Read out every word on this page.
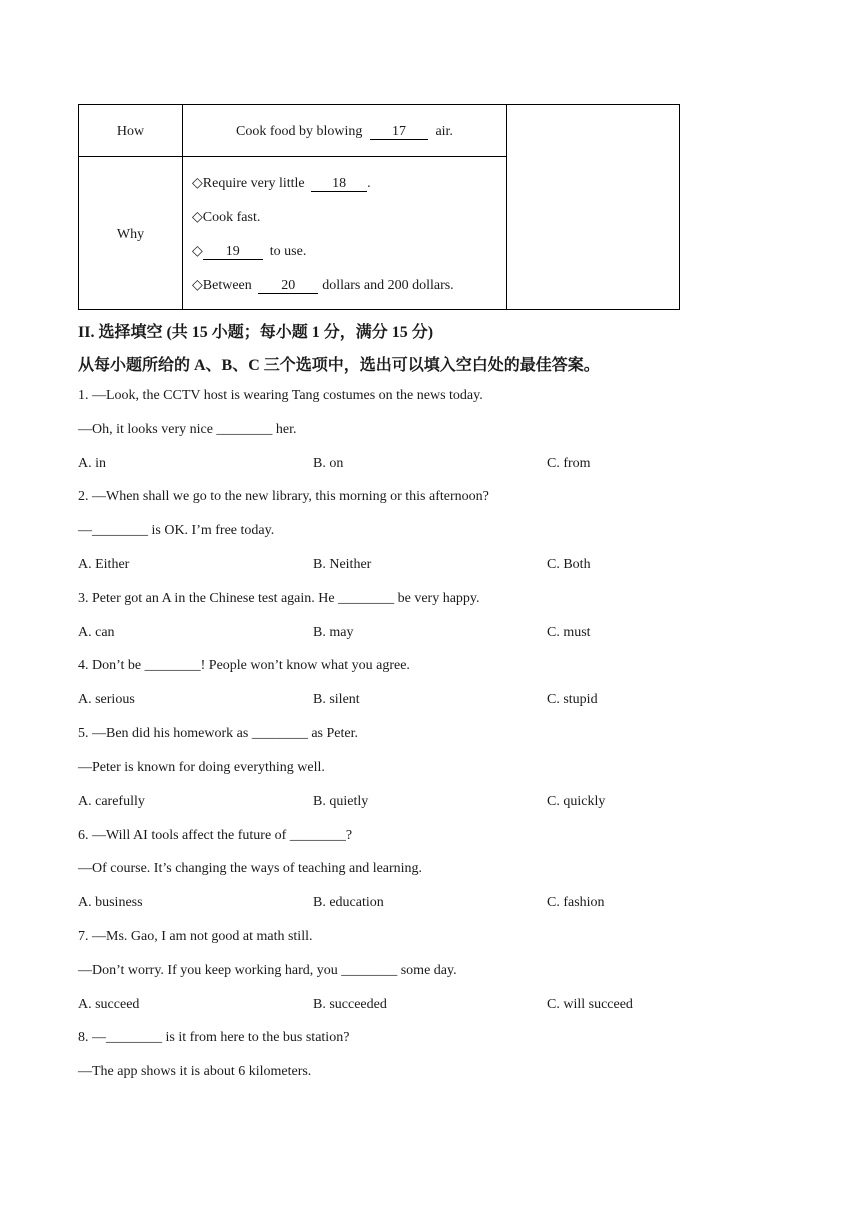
How	Cook food by blowing 17 air.
Why
◇Require very little 18 .
◇Cook fast.
◇ 19 to use.
◇Between 20 dollars and 200 dollars.
II. 选择填空 (共 15 小题；每小题 1 分，满分 15 分)
从每小题所给的 A、B、C 三个选项中，选出可以填入空白处的最佳答案。
1. —Look, the CCTV host is wearing Tang costumes on the news today.
—Oh, it looks very nice ________ her.
A. in	B. on	C. from
2. —When shall we go to the new library, this morning or this afternoon?
—________ is OK. I’m free today.
A. Either	B. Neither	C. Both
3. Peter got an A in the Chinese test again. He ________ be very happy.
A. can	B. may	C. must
4. Don’t be ________! People won’t know what you agree.
A. serious	B. silent	C. stupid
5. —Ben did his homework as ________ as Peter.
—Peter is known for doing everything well.
A. carefully	B. quietly	C. quickly
6. —Will AI tools affect the future of ________?
—Of course. It’s changing the ways of teaching and learning.
A. business	B. education	C. fashion
7. —Ms. Gao, I am not good at math still.
—Don’t worry. If you keep working hard, you ________ some day.
A. succeed	B. succeeded	C. will succeed
8. —________ is it from here to the bus station?
—The app shows it is about 6 kilometers.
